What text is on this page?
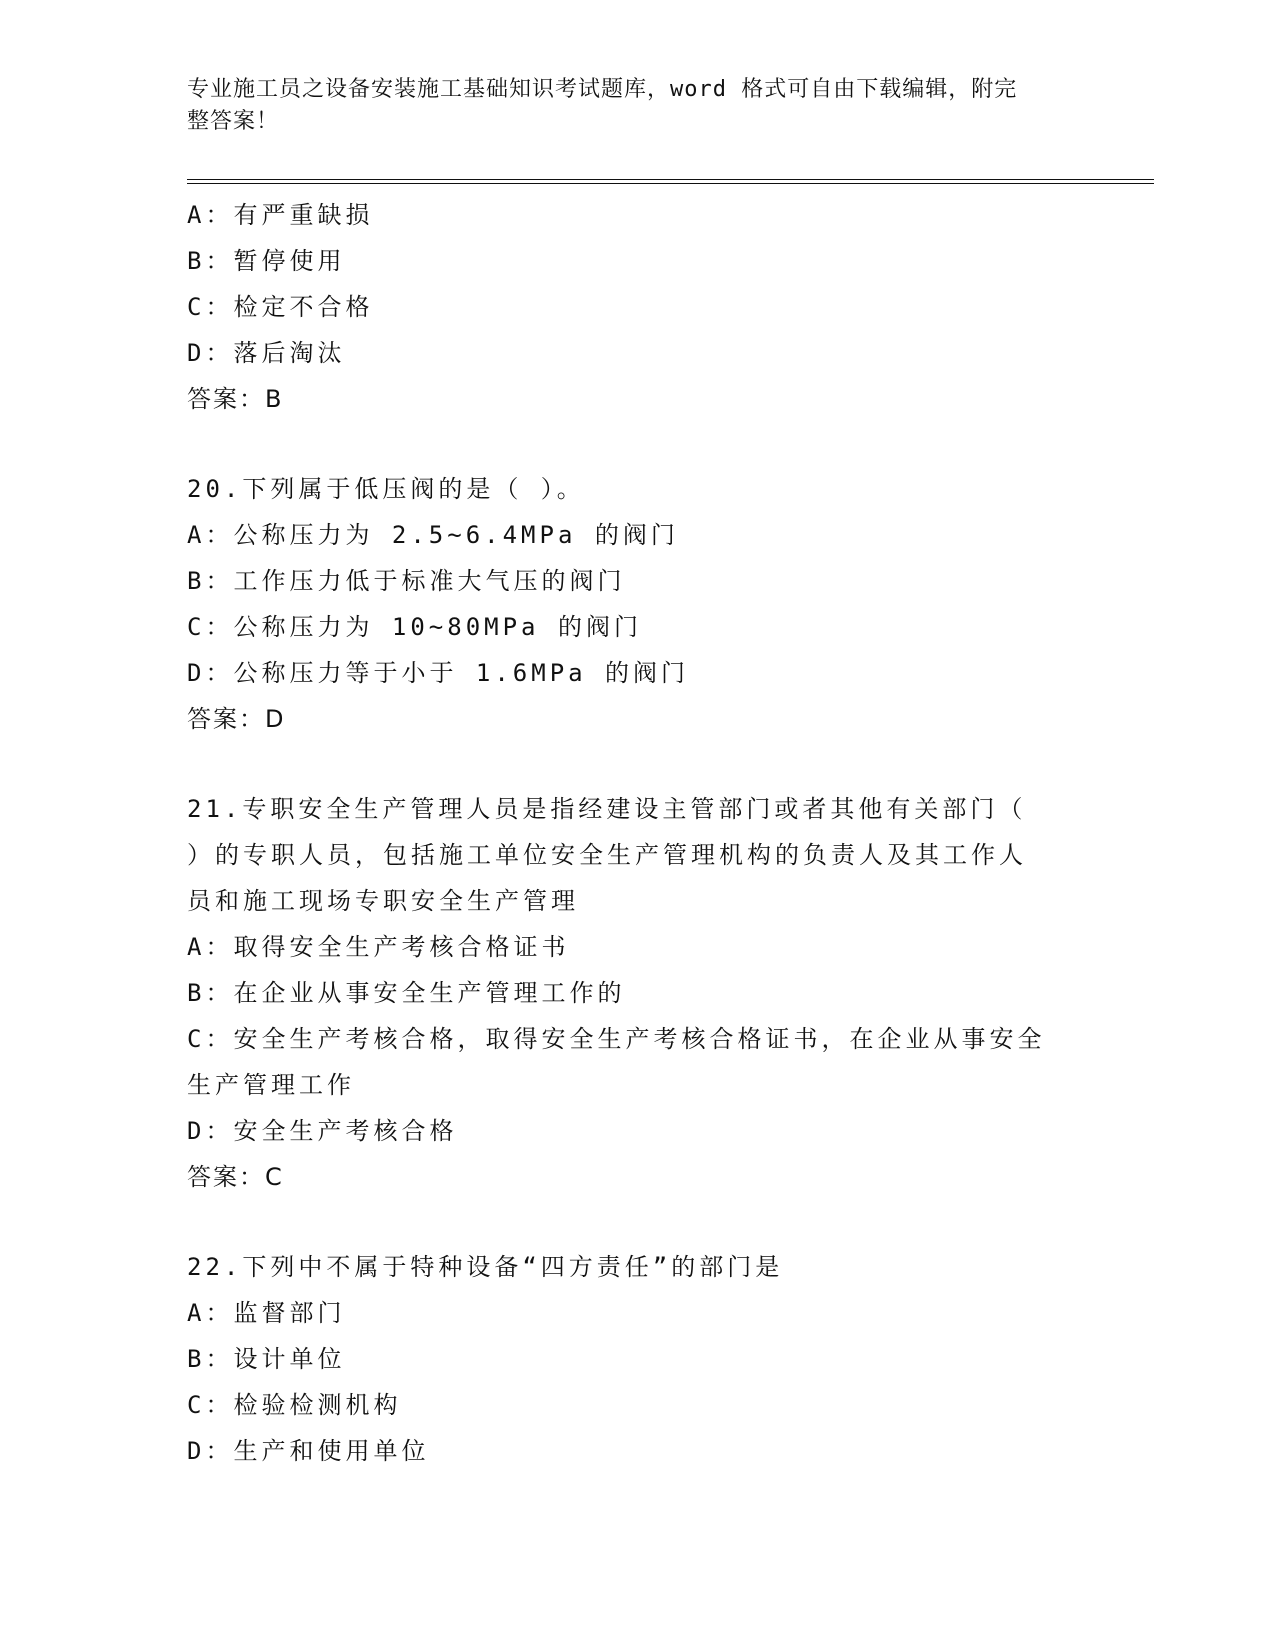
专业施工员之设备安装施工基础知识考试题库，word 格式可自由下载编辑，附完
整答案！
A：有严重缺损
B：暂停使用
C：检定不合格
D：落后淘汰
答案：B
20.下列属于低压阀的是（ ）。
A：公称压力为 2.5~6.4MPa 的阀门
B：工作压力低于标准大气压的阀门
C：公称压力为 10~80MPa 的阀门
D：公称压力等于小于 1.6MPa 的阀门
答案：D
21.专职安全生产管理人员是指经建设主管部门或者其他有关部门（
）的专职人员，包括施工单位安全生产管理机构的负责人及其工作人
员和施工现场专职安全生产管理
A：取得安全生产考核合格证书
B：在企业从事安全生产管理工作的
C：安全生产考核合格，取得安全生产考核合格证书，在企业从事安全
生产管理工作
D：安全生产考核合格
答案：C
22.下列中不属于特种设备“四方责任”的部门是
A：监督部门
B：设计单位
C：检验检测机构
D：生产和使用单位
